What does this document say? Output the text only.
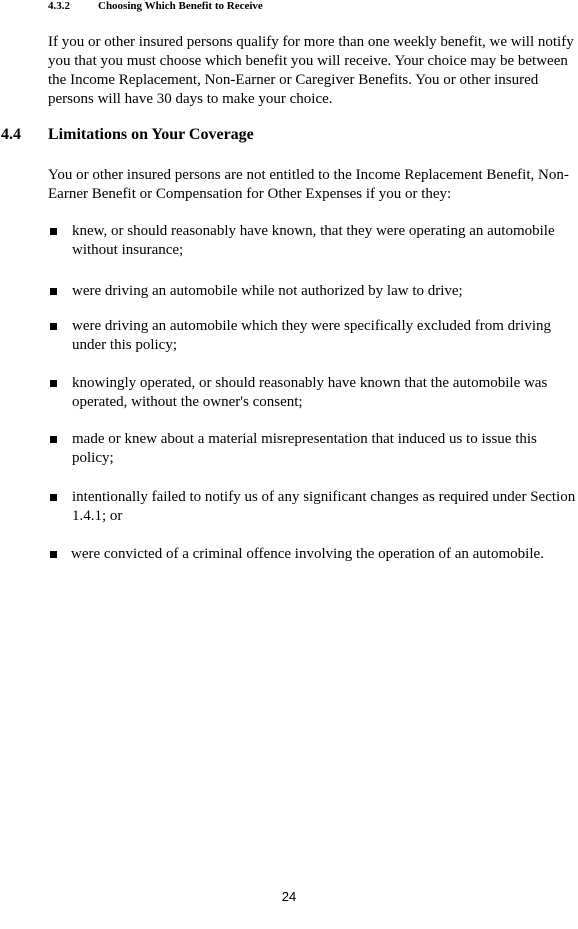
4.3.2	Choosing Which Benefit to Receive

If you or other insured persons qualify for more than one weekly benefit, we will notify you that you must choose which benefit you will receive. Your choice may be between the Income Replacement, Non-Earner or Caregiver Benefits. You or other insured persons will have 30 days to make your choice.

4.4 Limitations on Your Coverage

You or other insured persons are not entitled to the Income Replacement Benefit, Non-Earner Benefit or Compensation for Other Expenses if you or they:

knew, or should reasonably have known, that they were operating an automobile without insurance;
were driving an automobile while not authorized by law to drive;
were driving an automobile which they were specifically excluded from driving under this policy;
knowingly operated, or should reasonably have known that the automobile was operated, without the owner's consent;
made or knew about a material misrepresentation that induced us to issue this policy;
intentionally failed to notify us of any significant changes as required under Section 1.4.1; or
were convicted of a criminal offence involving the operation of an automobile.
24
